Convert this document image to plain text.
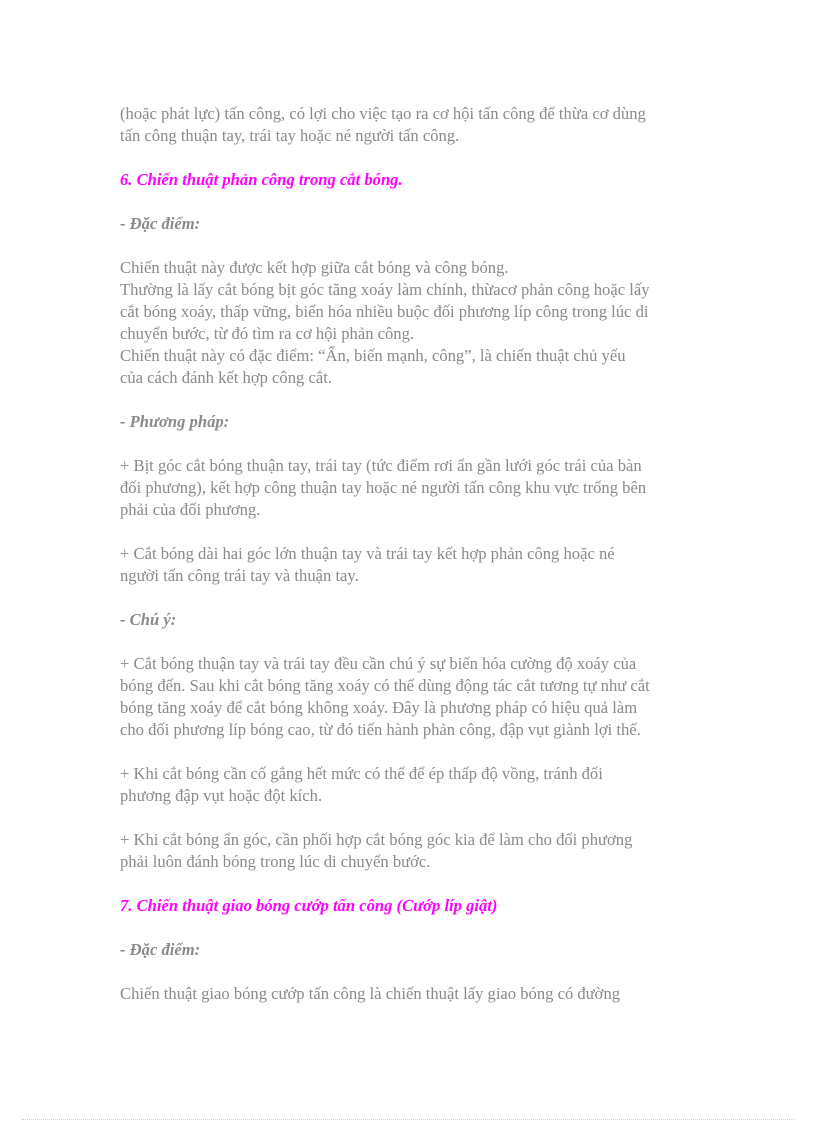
(hoặc phát lực) tấn công, có lợi cho việc tạo ra cơ hội tấn công để thừa cơ dùng
tấn công thuận tay, trái tay hoặc né người tấn công.

6. Chiến thuật phản công trong cắt bóng.

- Đặc điểm:

Chiến thuật này được kết hợp giữa cắt bóng và công bóng.
Thường là lấy cắt bóng bịt góc tăng xoáy làm chính, thừacơ phản công hoặc lấy
cắt bóng xoáy, thấp vững, biến hóa nhiều buộc đối phương líp công trong lúc di
chuyển bước, từ đó tìm ra cơ hội phản công.
Chiến thuật này có đặc điểm: “Ẩn, biến mạnh, công”, là chiến thuật chủ yếu
của cách đánh kết hợp công cắt.

- Phương pháp:

+ Bịt góc cắt bóng thuận tay, trái tay (tức điểm rơi ẩn gần lưới góc trái của bàn
đối phương), kết hợp công thuận tay hoặc né người tấn công khu vực trống bên
phải của đối phương.

+ Cắt bóng dài hai góc lớn thuận tay và trái tay kết hợp phản công hoặc né
người tấn công trái tay và thuận tay.

- Chú ý:

+ Cắt bóng thuận tay và trái tay đều cần chú ý sự biến hóa cường độ xoáy của
bóng đến. Sau khi cắt bóng tăng xoáy có thể dùng động tác cắt tương tự như cắt
bóng tăng xoáy để cắt bóng không xoáy. Đây là phương pháp có hiệu quả làm
cho đối phương líp bóng cao, từ đó tiến hành phản công, đập vụt giành lợi thế.

+ Khi cắt bóng cần cố gắng hết mức có thể để ép thấp độ vồng, tránh đối
phương đập vụt hoặc đột kích.

+ Khi cắt bóng ẩn góc, cần phối hợp cắt bóng góc kia để làm cho đối phương
phải luôn đánh bóng trong lúc di chuyển bước.

7. Chiến thuật giao bóng cướp tấn công (Cướp líp giật)

- Đặc điểm:

Chiến thuật giao bóng cướp tấn công là chiến thuật lấy giao bóng có đường
